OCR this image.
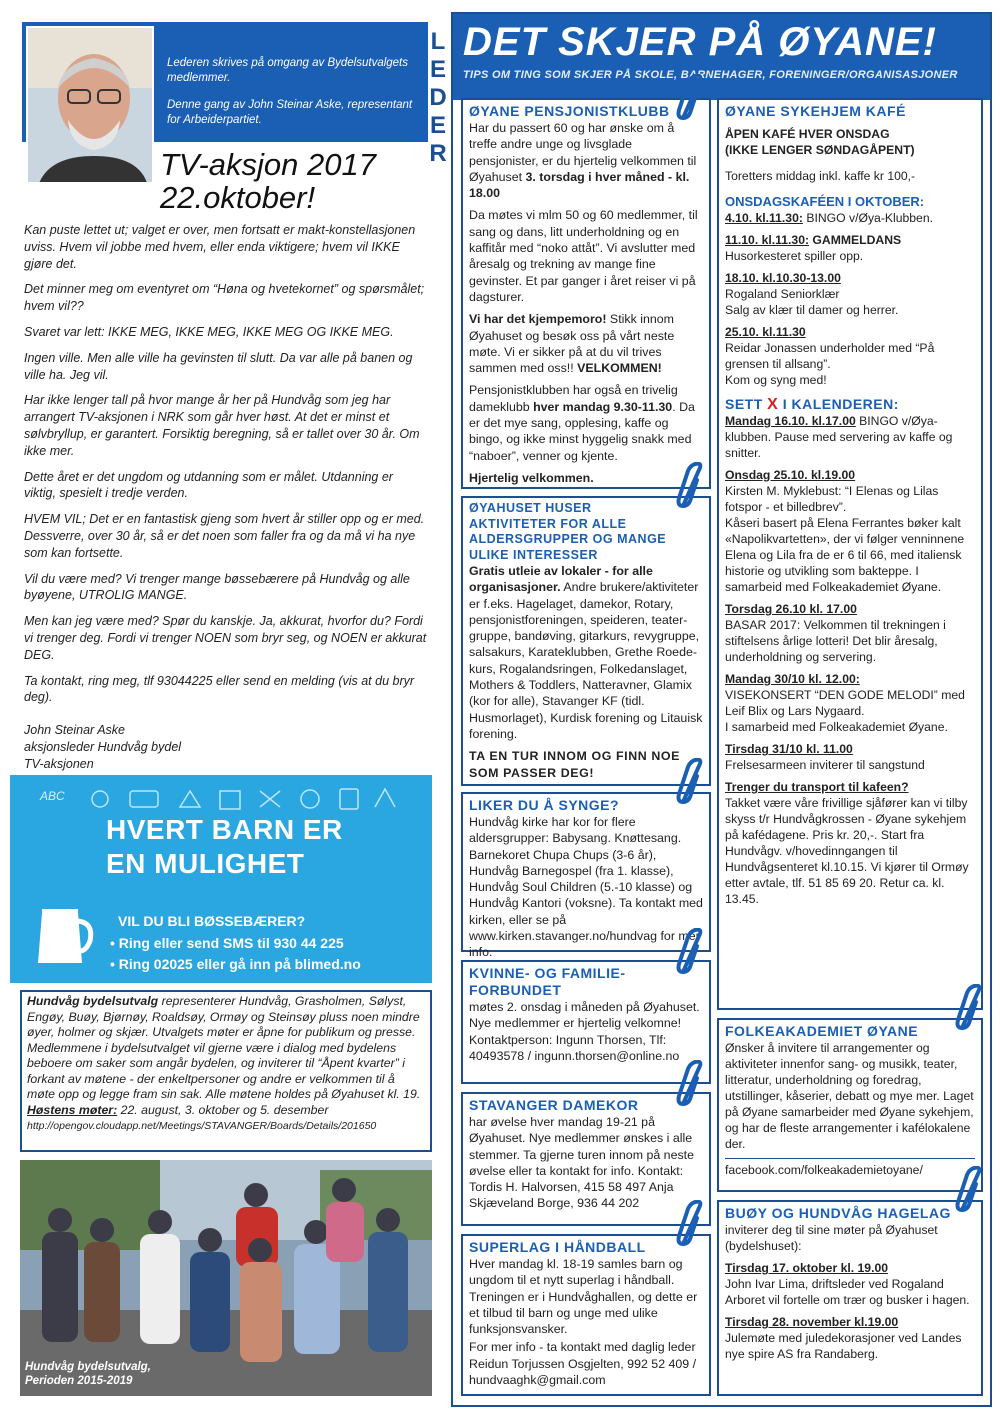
Lederen skrives på omgang av Bydelsutvalgets medlemmer.

Denne gang av John Steinar Aske, representant for Arbeiderpartiet.

TV-aksjon 2017
22.oktober!

Kan puste lettet ut; valget er over, men fortsatt er makt-konstellasjonen uviss. Hvem vil jobbe med hvem, eller enda viktigere; hvem vil IKKE gjøre det.

Det minner meg om eventyret om “Høna og hvetekornet” og spørsmålet; hvem vil??

Svaret var lett: IKKE MEG, IKKE MEG, IKKE MEG OG IKKE MEG.

Ingen ville. Men alle ville ha gevinsten til slutt. Da var alle på banen og ville ha. Jeg vil.

Har ikke lenger tall på hvor mange år her på Hundvåg som jeg har arrangert TV-aksjonen i NRK som går hver høst. At det er minst et sølvbryllup, er garantert. Forsiktig beregning, så er tallet over 30 år. Om ikke mer.

Dette året er det ungdom og utdanning som er målet. Utdanning er viktig, spesielt i tredje verden.

HVEM VIL; Det er en fantastisk gjeng som hvert år stiller opp og er med. Dessverre, over 30 år, så er det noen som faller fra og da må vi ha nye som kan fortsette.

Vil du være med? Vi trenger mange bøssebærere på Hundvåg og alle byøyene, UTROLIG MANGE.

Men kan jeg være med? Spør du kanskje. Ja, akkurat, hvorfor du? Fordi vi trenger deg. Fordi vi trenger NOEN som bryr seg, og NOEN er akkurat DEG.

Ta kontakt, ring meg, tlf 93044225 eller send en melding (vis at du bryr deg).

John Steinar Aske
aksjonsleder Hundvåg bydel
TV-aksjonen
ABC
HVERT BARN ER
EN MULIGHET
VIL DU BLI BØSSEBÆRER?
• Ring eller send SMS til 930 44 225
• Ring 02025 eller gå inn på blimed.no
Hundvåg bydelsutvalg representerer Hundvåg, Grasholmen, Sølyst, Engøy, Buøy, Bjørnøy, Roaldsøy, Ormøy og Steinsøy pluss noen mindre øyer, holmer og skjær. Utvalgets møter er åpne for publikum og presse. Medlemmene i bydelsutvalget vil gjerne være i dialog med bydelens beboere om saker som angår bydelen, og inviterer til “Åpent kvarter” i forkant av møtene - der enkeltpersoner og andre er velkommen til å møte opp og legge fram sin sak. Alle møtene holdes på Øyahuset kl. 19.
Høstens møter: 22. august, 3. oktober og 5. desember
http://opengov.cloudapp.net/Meetings/STAVANGER/Boards/Details/201650
Hundvåg bydelsutvalg,
Perioden 2015-2019
L
E
D
E
R
DET SKJER PÅ ØYANE!
TIPS OM TING SOM SKJER PÅ SKOLE, BARNEHAGER, FORENINGER/ORGANISASJONER
ØYANE PENSJONISTKLUBB

Har du passert 60 og har ønske om å treffe andre unge og livsglade pensjonister, er du hjertelig velkommen til Øyahuset 3. torsdag i hver måned - kl. 18.00

Da møtes vi mlm 50 og 60 medlemmer, til sang og dans, litt underholdning og en kaffitår med “noko attåt”. Vi avslutter med åresalg og trekning av mange fine gevinster. Et par ganger i året reiser vi på dagsturer.

Vi har det kjempemoro! Stikk innom Øyahuset og besøk oss på vårt neste møte. Vi er sikker på at du vil trives sammen med oss!! VELKOMMEN!

Pensjonistklubben har også en trivelig dameklubb hver mandag 9.30-11.30. Da er det mye sang, opplesing, kaffe og bingo, og ikke minst hyggelig snakk med “naboer”, venner og kjente.

Hjertelig velkommen.

ØYAHUSET HUSER
AKTIVITETER FOR ALLE
ALDERSGRUPPER OG MANGE
ULIKE INTERESSER

Gratis utleie av lokaler - for alle organisasjoner. Andre brukere/aktiviteter er f.eks. Hagelaget, damekor, Rotary, pensjonistforeningen, speideren, teater-gruppe, bandøving, gitarkurs, revygruppe, salsakurs, Karateklubben, Grethe Roede-kurs, Rogalandsringen, Folkedanslaget, Mothers & Toddlers, Natteravner, Glamix (kor for alle), Stavanger KF (tidl. Husmorlaget), Kurdisk forening og Litauisk forening.

TA EN TUR INNOM OG FINN NOE SOM PASSER DEG!

LIKER DU Å SYNGE?

Hundvåg kirke har kor for flere aldersgrupper: Babysang. Knøttesang. Barnekoret Chupa Chups (3-6 år), Hundvåg Barnegospel (fra 1. klasse), Hundvåg Soul Children (5.-10 klasse) og Hundvåg Kantori (voksne). Ta kontakt med kirken, eller se på www.kirken.stavanger.no/hundvag for mer info.

KVINNE- OG FAMILIE-
FORBUNDET

møtes 2. onsdag i måneden på Øyahuset. Nye medlemmer er hjertelig velkomne! Kontaktperson: Ingunn Thorsen, Tlf: 40493578 / ingunn.thorsen@online.no

STAVANGER DAMEKOR

har øvelse hver mandag 19-21 på Øyahuset. Nye medlemmer ønskes i alle stemmer. Ta gjerne turen innom på neste øvelse eller ta kontakt for info. Kontakt: Tordis H. Halvorsen, 415 58 497 Anja Skjæveland Borge, 936 44 202

SUPERLAG I HÅNDBALL

Hver mandag kl. 18-19 samles barn og ungdom til et nytt superlag i håndball. Treningen er i Hundvåghallen, og dette er et tilbud til barn og unge med ulike funksjonsvansker.

For mer info - ta kontakt med daglig leder Reidun Torjussen Osgjelten, 992 52 409 / hundvaaghk@gmail.com

ØYANE SYKEHJEM KAFÉ
ÅPEN KAFÉ HVER ONSDAG
(IKKE LENGER SØNDAGÅPENT)

Toretters middag inkl. kaffe kr 100,-

ONSDAGSKAFÉEN I OKTOBER:

4.10. kl.11.30: BINGO v/Øya-Klubben.

11.10. kl.11.30: GAMMELDANS
Husorkesteret spiller opp.

18.10. kl.10.30-13.00
Rogaland Seniorklær
Salg av klær til damer og herrer.

25.10. kl.11.30
Reidar Jonassen underholder med “På grensen til allsang”.
Kom og syng med!

SETT X I KALENDEREN:

Mandag 16.10. kl.17.00 BINGO v/Øya-klubben. Pause med servering av kaffe og snitter.

Onsdag 25.10. kl.19.00
Kirsten M. Myklebust: “I Elenas og Lilas fotspor - et billedbrev”.
Kåseri basert på Elena Ferrantes bøker kalt «Napolikvartetten», der vi følger venninnene Elena og Lila fra de er 6 til 66, med italiensk historie og utvikling som bakteppe. I samarbeid med Folkeakademiet Øyane.

Torsdag 26.10 kl. 17.00
BASAR 2017: Velkommen til trekningen i stiftelsens årlige lotteri! Det blir åresalg, underholdning og servering.

Mandag 30/10 kl. 12.00:
VISEKONSERT “DEN GODE MELODI” med Leif Blix og Lars Nygaard.
I samarbeid med Folkeakademiet Øyane.

Tirsdag 31/10 kl. 11.00
Frelsesarmeen inviterer til sangstund

Trenger du transport til kafeen?
Takket være våre frivillige sjåfører kan vi tilby skyss t/r Hundvågkrossen - Øyane sykehjem på kafédagene. Pris kr. 20,-. Start fra Hundvågv. v/hovedinngangen til Hundvågsenteret kl.10.15. Vi kjører til Ormøy etter avtale, tlf. 51 85 69 20. Retur ca. kl. 13.45.

FOLKEAKADEMIET ØYANE

Ønsker å invitere til arrangementer og aktiviteter innenfor sang- og musikk, teater, litteratur, underholdning og foredrag, utstillinger, kåserier, debatt og mye mer. Laget på Øyane samarbeider med Øyane sykehjem, og har de fleste arrangementer i kafélokalene der.

facebook.com/folkeakademietoyane/
BUØY OG HUNDVÅG HAGELAG

inviterer deg til sine møter på Øyahuset (bydelshuset):

Tirsdag 17. oktober kl. 19.00
John Ivar Lima, driftsleder ved Rogaland Arboret vil fortelle om trær og busker i hagen.

Tirsdag 28. november kl.19.00
Julemøte med juledekorasjoner ved Landes nye spire AS fra Randaberg.
